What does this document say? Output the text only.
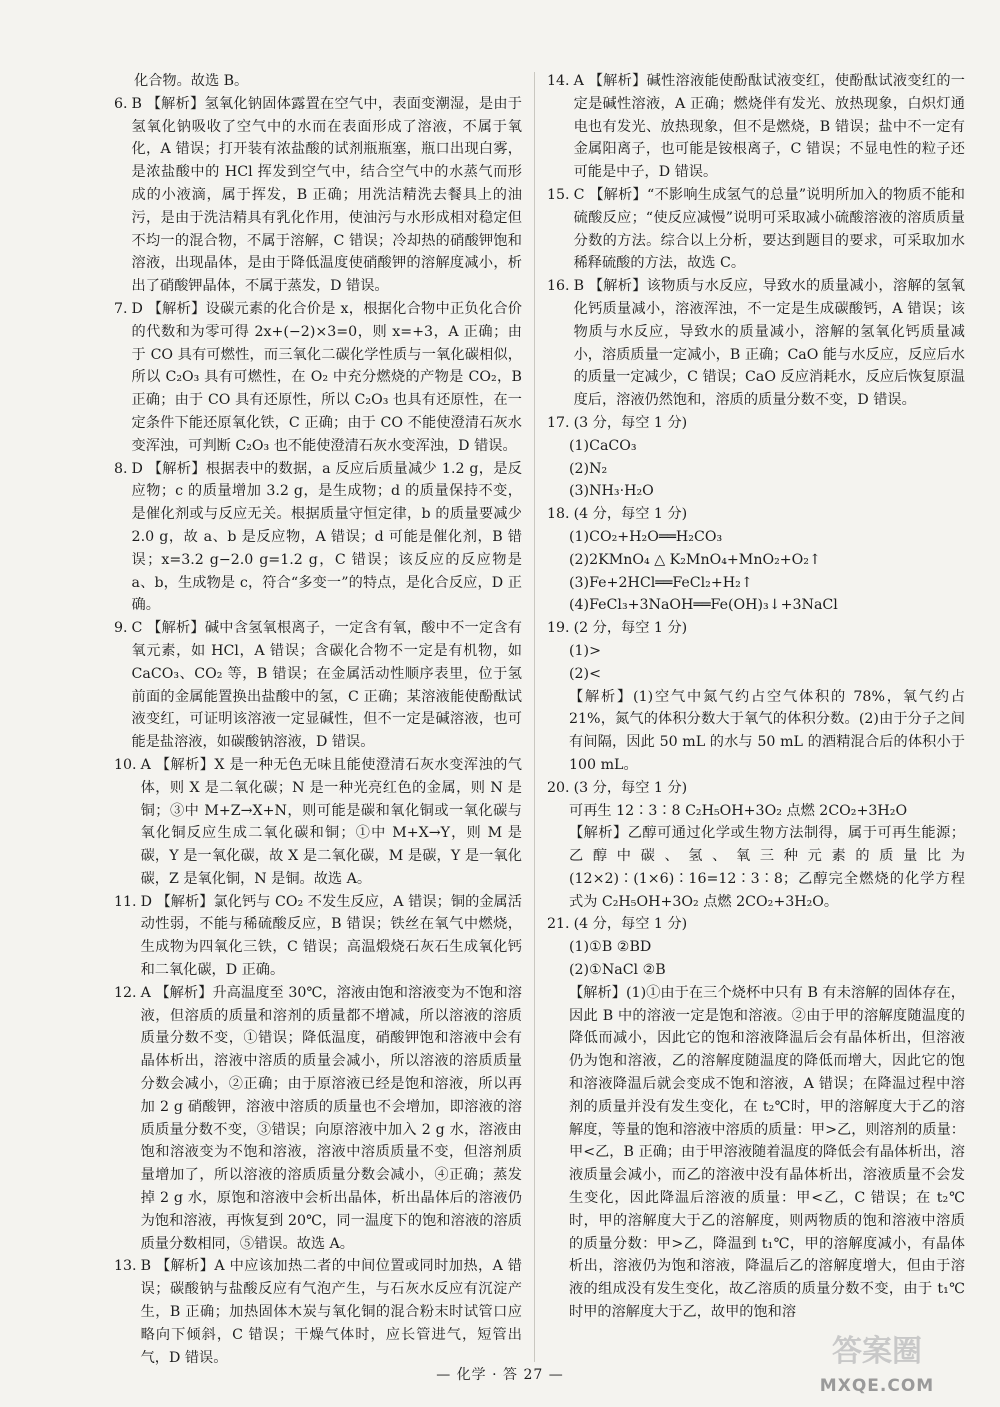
化合物。故选 B。
6. B 【解析】氢氧化钠固体露置在空气中，表面变潮湿，是由于氢氧化钠吸收了空气中的水而在表面形成了溶液，不属于氧化，A 错误；打开装有浓盐酸的试剂瓶瓶塞，瓶口出现白雾，是浓盐酸中的 HCl 挥发到空气中，结合空气中的水蒸气而形成的小液滴，属于挥发，B 正确；用洗洁精洗去餐具上的油污，是由于洗洁精具有乳化作用，使油污与水形成相对稳定但不均一的混合物，不属于溶解，C 错误；冷却热的硝酸钾饱和溶液，出现晶体，是由于降低温度使硝酸钾的溶解度减小，析出了硝酸钾晶体，不属于蒸发，D 错误。
7. D 【解析】设碳元素的化合价是 x，根据化合物中正负化合价的代数和为零可得 2x+(−2)×3=0，则 x=+3，A 正确；由于 CO 具有可燃性，而三氧化二碳化学性质与一氧化碳相似，所以 C₂O₃ 具有可燃性，在 O₂ 中充分燃烧的产物是 CO₂，B 正确；由于 CO 具有还原性，所以 C₂O₃ 也具有还原性，在一定条件下能还原氧化铁，C 正确；由于 CO 不能使澄清石灰水变浑浊，可判断 C₂O₃ 也不能使澄清石灰水变浑浊，D 错误。
8. D 【解析】根据表中的数据，a 反应后质量减少 1.2 g，是反应物；c 的质量增加 3.2 g，是生成物；d 的质量保持不变，是催化剂或与反应无关。根据质量守恒定律，b 的质量要减少 2.0 g，故 a、b 是反应物，A 错误；d 可能是催化剂，B 错误；x=3.2 g−2.0 g=1.2 g，C 错误；该反应的反应物是 a、b，生成物是 c，符合“多变一”的特点，是化合反应，D 正确。
9. C 【解析】碱中含氢氧根离子，一定含有氧，酸中不一定含有氧元素，如 HCl，A 错误；含碳化合物不一定是有机物，如 CaCO₃、CO₂ 等，B 错误；在金属活动性顺序表里，位于氢前面的金属能置换出盐酸中的氢，C 正确；某溶液能使酚酞试液变红，可证明该溶液一定显碱性，但不一定是碱溶液，也可能是盐溶液，如碳酸钠溶液，D 错误。
10. A 【解析】X 是一种无色无味且能使澄清石灰水变浑浊的气体，则 X 是二氧化碳；N 是一种光亮红色的金属，则 N 是铜；③中 M+Z→X+N，则可能是碳和氧化铜或一氧化碳与氧化铜反应生成二氧化碳和铜；①中 M+X→Y，则 M 是碳，Y 是一氧化碳，故 X 是二氧化碳，M 是碳，Y 是一氧化碳，Z 是氧化铜，N 是铜。故选 A。
11. D 【解析】氯化钙与 CO₂ 不发生反应，A 错误；铜的金属活动性弱，不能与稀硫酸反应，B 错误；铁丝在氧气中燃烧，生成物为四氧化三铁，C 错误；高温煅烧石灰石生成氧化钙和二氧化碳，D 正确。
12. A 【解析】升高温度至 30℃，溶液由饱和溶液变为不饱和溶液，但溶质的质量和溶剂的质量都不增减，所以溶液的溶质质量分数不变，①错误；降低温度，硝酸钾饱和溶液中会有晶体析出，溶液中溶质的质量会减小，所以溶液的溶质质量分数会减小，②正确；由于原溶液已经是饱和溶液，所以再加 2 g 硝酸钾，溶液中溶质的质量也不会增加，即溶液的溶质质量分数不变，③错误；向原溶液中加入 2 g 水，溶液由饱和溶液变为不饱和溶液，溶液中溶质质量不变，但溶剂质量增加了，所以溶液的溶质质量分数会减小，④正确；蒸发掉 2 g 水，原饱和溶液中会析出晶体，析出晶体后的溶液仍为饱和溶液，再恢复到 20℃，同一温度下的饱和溶液的溶质质量分数相同，⑤错误。故选 A。
13. B 【解析】A 中应该加热二者的中间位置或同时加热，A 错误；碳酸钠与盐酸反应有气泡产生，与石灰水反应有沉淀产生，B 正确；加热固体木炭与氧化铜的混合粉末时试管口应略向下倾斜，C 错误；干燥气体时，应长管进气，短管出气，D 错误。
14. A 【解析】碱性溶液能使酚酞试液变红，使酚酞试液变红的一定是碱性溶液，A 正确；燃烧伴有发光、放热现象，白炽灯通电也有发光、放热现象，但不是燃烧，B 错误；盐中不一定有金属阳离子，也可能是铵根离子，C 错误；不显电性的粒子还可能是中子，D 错误。
15. C 【解析】“不影响生成氢气的总量”说明所加入的物质不能和硫酸反应；“使反应减慢”说明可采取减小硫酸溶液的溶质质量分数的方法。综合以上分析，要达到题目的要求，可采取加水稀释硫酸的方法，故选 C。
16. B 【解析】该物质与水反应，导致水的质量减小，溶解的氢氧化钙质量减小，溶液浑浊，不一定是生成碳酸钙，A 错误；该物质与水反应，导致水的质量减小，溶解的氢氧化钙质量减小，溶质质量一定减小，B 正确；CaO 能与水反应，反应后水的质量一定减少，C 错误；CaO 反应消耗水，反应后恢复原温度后，溶液仍然饱和，溶质的质量分数不变，D 错误。
17. (3 分，每空 1 分)
(1)CaCO₃
(2)N₂
(3)NH₃·H₂O
18. (4 分，每空 1 分)
(1)CO₂+H₂O══H₂CO₃
(2)2KMnO₄ △ K₂MnO₄+MnO₂+O₂↑
(3)Fe+2HCl══FeCl₂+H₂↑
(4)FeCl₃+3NaOH══Fe(OH)₃↓+3NaCl
19. (2 分，每空 1 分)
(1)>
(2)<

【解析】(1)空气中氮气约占空气体积的 78%，氧气约占 21%，氮气的体积分数大于氧气的体积分数。(2)由于分子之间有间隔，因此 50 mL 的水与 50 mL 的酒精混合后的体积小于 100 mL。

20. (3 分，每空 1 分)
可再生 12∶3∶8 C₂H₅OH+3O₂ 点燃 2CO₂+3H₂O

【解析】乙醇可通过化学或生物方法制得，属于可再生能源；乙醇中碳、氢、氧三种元素的质量比为(12×2)∶(1×6)∶16=12∶3∶8；乙醇完全燃烧的化学方程式为 C₂H₅OH+3O₂ 点燃 2CO₂+3H₂O。

21. (4 分，每空 1 分)
(1)①B ②BD
(2)①NaCl ②B

【解析】(1)①由于在三个烧杯中只有 B 有未溶解的固体存在，因此 B 中的溶液一定是饱和溶液。②由于甲的溶解度随温度的降低而减小，因此它的饱和溶液降温后会有晶体析出，但溶液仍为饱和溶液，乙的溶解度随温度的降低而增大，因此它的饱和溶液降温后就会变成不饱和溶液，A 错误；在降温过程中溶剂的质量并没有发生变化，在 t₂℃时，甲的溶解度大于乙的溶解度，等量的饱和溶液中溶质的质量：甲>乙，则溶剂的质量：甲<乙，B 正确；由于甲溶液随着温度的降低会有晶体析出，溶液质量会减小，而乙的溶液中没有晶体析出，溶液质量不会发生变化，因此降温后溶液的质量：甲<乙，C 错误；在 t₂℃时，甲的溶解度大于乙的溶解度，则两物质的饱和溶液中溶质的质量分数：甲>乙，降温到 t₁℃，甲的溶解度减小，有晶体析出，溶液仍为饱和溶液，降温后乙的溶解度增大，但由于溶液的组成没有发生变化，故乙溶质的质量分数不变，由于 t₁℃时甲的溶解度大于乙，故甲的饱和溶

— 化学 · 答 27 —
答案圈
MXQE.COM
